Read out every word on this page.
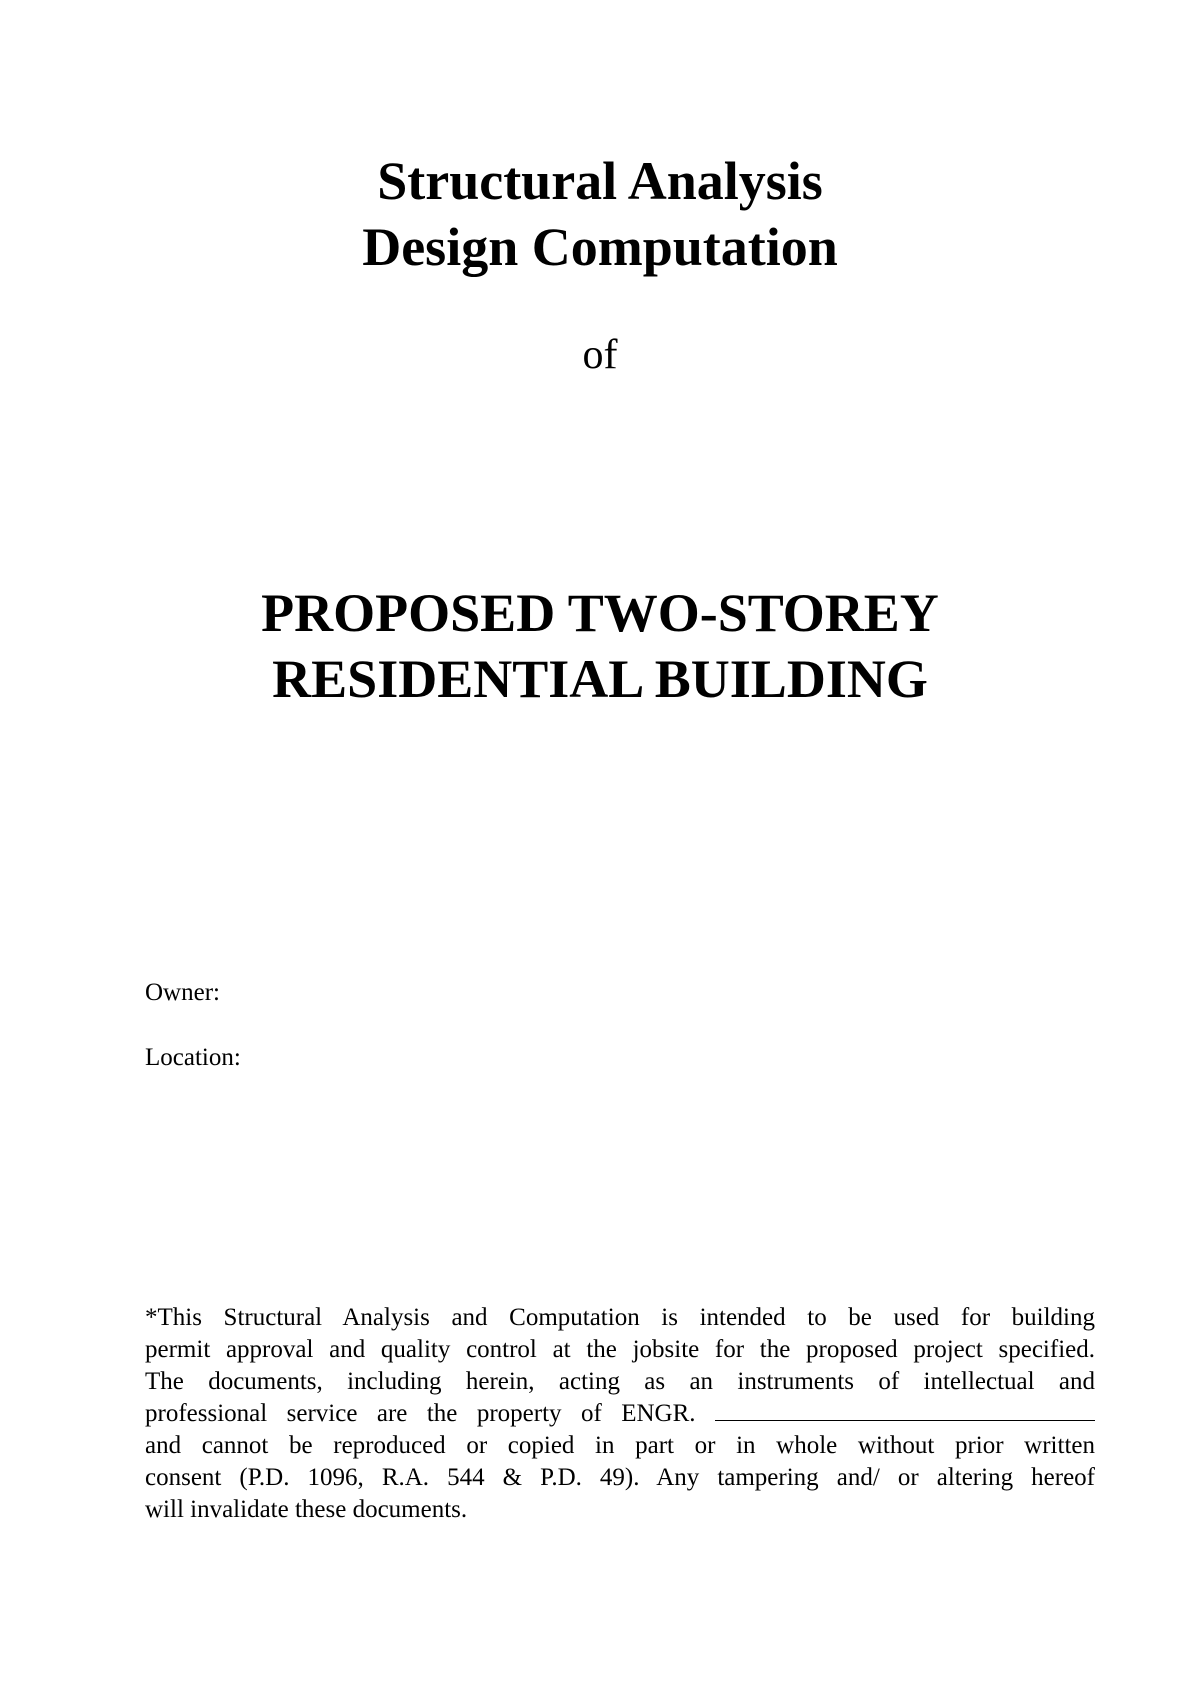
Structural Analysis
Design Computation
of
PROPOSED TWO-STOREY
RESIDENTIAL BUILDING
Owner:
Location:
*This Structural Analysis and Computation is intended to be used for building
permit approval and quality control at the jobsite for the proposed project specified.
The documents, including herein, acting as an instruments of intellectual and
professional service are the property of ENGR.
and cannot be reproduced or copied in part or in whole without prior written
consent (P.D. 1096, R.A. 544 & P.D. 49). Any tampering and/ or altering hereof
will invalidate these documents.
